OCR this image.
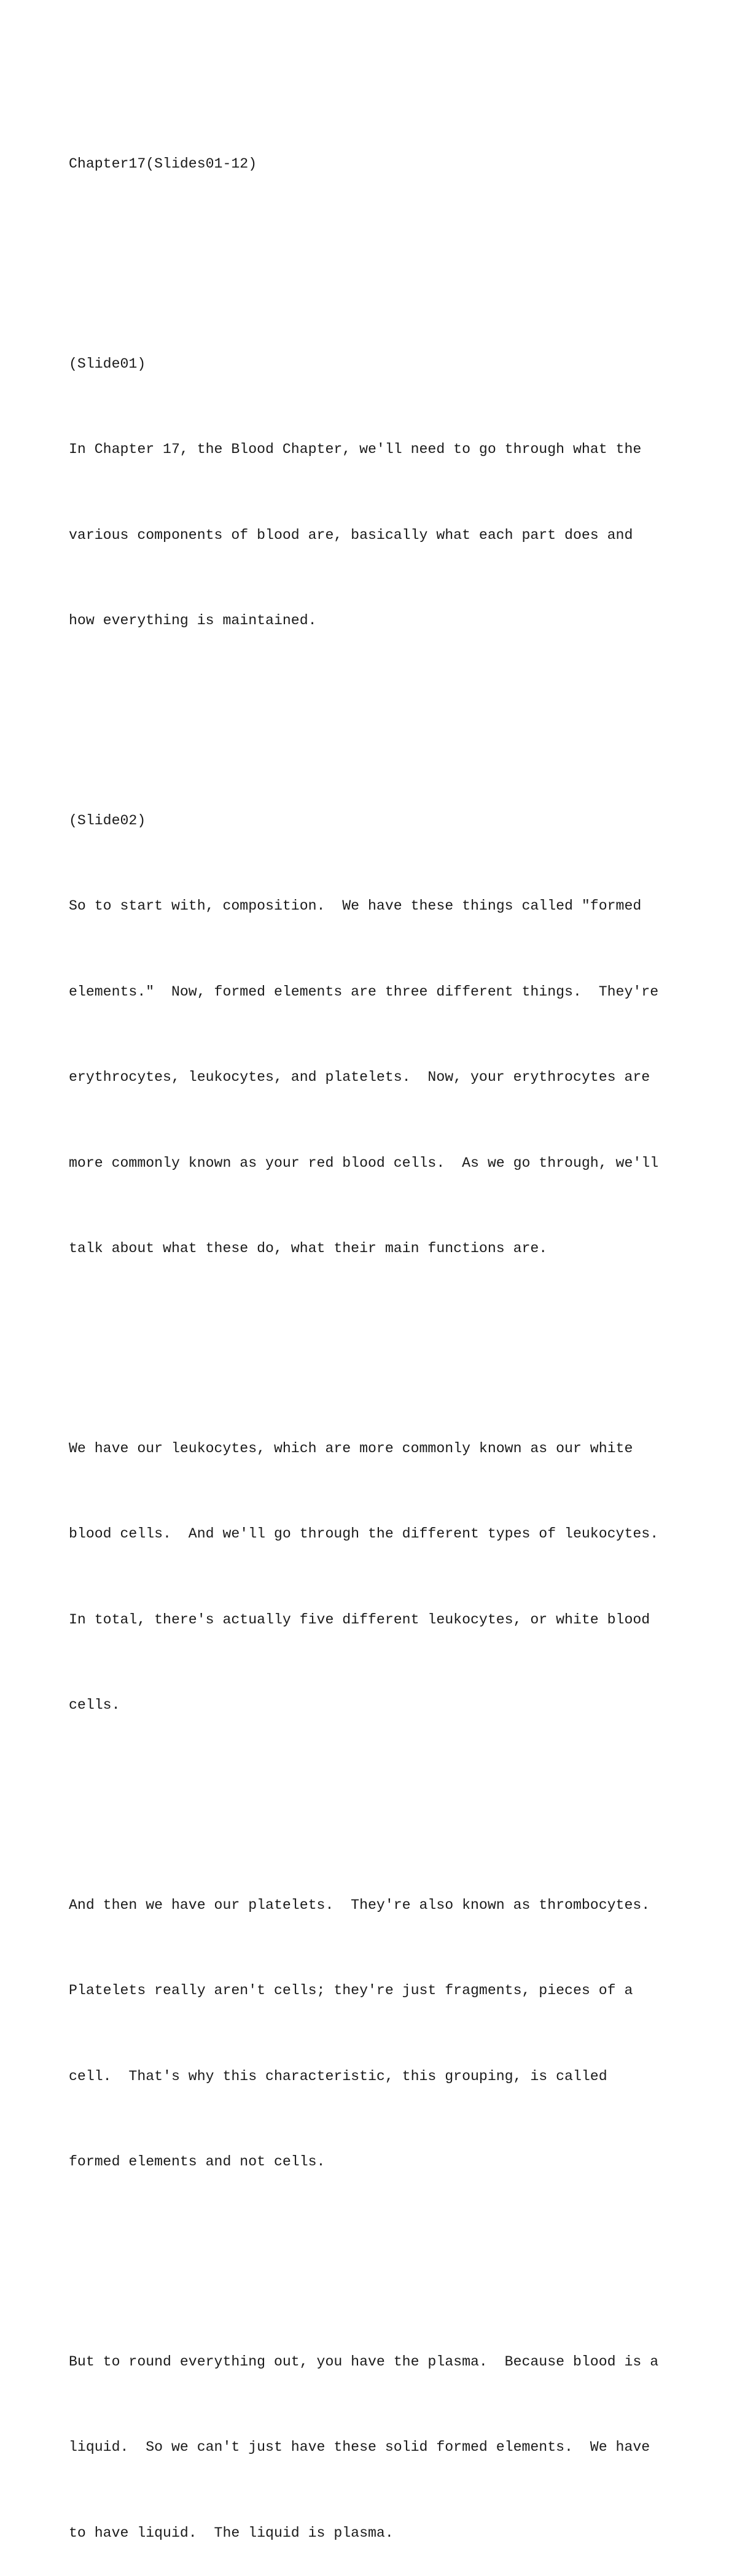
Chapter17(Slides01-12)

(Slide01)

In Chapter 17, the Blood Chapter, we'll need to go through what the

various components of blood are, basically what each part does and

how everything is maintained.

(Slide02)

So to start with, composition.  We have these things called "formed

elements."  Now, formed elements are three different things.  They're

erythrocytes, leukocytes, and platelets.  Now, your erythrocytes are

more commonly known as your red blood cells.  As we go through, we'll

talk about what these do, what their main functions are.

We have our leukocytes, which are more commonly known as our white

blood cells.  And we'll go through the different types of leukocytes.

In total, there's actually five different leukocytes, or white blood

cells.

And then we have our platelets.  They're also known as thrombocytes.

Platelets really aren't cells; they're just fragments, pieces of a

cell.  That's why this characteristic, this grouping, is called

formed elements and not cells.

But to round everything out, you have the plasma.  Because blood is a

liquid.  So we can't just have these solid formed elements.  We have

to have liquid.  The liquid is plasma.
